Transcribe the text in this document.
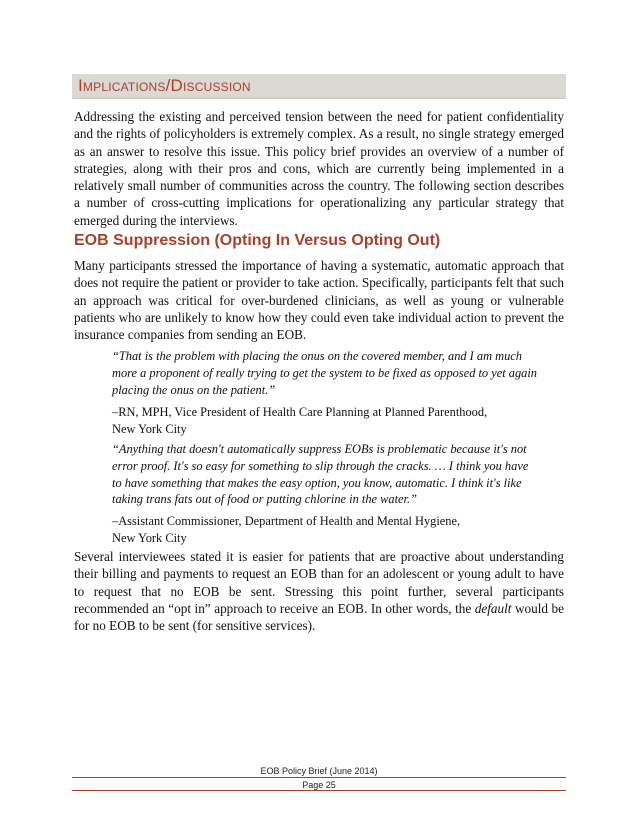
Implications/Discussion

Addressing the existing and perceived tension between the need for patient confidentiality and the rights of policyholders is extremely complex. As a result, no single strategy emerged as an answer to resolve this issue. This policy brief provides an overview of a number of strategies, along with their pros and cons, which are currently being implemented in a relatively small number of communities across the country. The following section describes a number of cross-cutting implications for operationalizing any particular strategy that emerged during the interviews.

EOB Suppression (Opting In Versus Opting Out)

Many participants stressed the importance of having a systematic, automatic approach that does not require the patient or provider to take action. Specifically, participants felt that such an approach was critical for over-burdened clinicians, as well as young or vulnerable patients who are unlikely to know how they could even take individual action to prevent the insurance companies from sending an EOB.

“That is the problem with placing the onus on the covered member, and I am much more a proponent of really trying to get the system to be fixed as opposed to yet again placing the onus on the patient.”

–RN, MPH, Vice President of Health Care Planning at Planned Parenthood,
New York City

“Anything that doesn't automatically suppress EOBs is problematic because it's not error proof. It's so easy for something to slip through the cracks. … I think you have to have something that makes the easy option, you know, automatic. I think it's like taking trans fats out of food or putting chlorine in the water.”

–Assistant Commissioner, Department of Health and Mental Hygiene,
New York City

Several interviewees stated it is easier for patients that are proactive about understanding their billing and payments to request an EOB than for an adolescent or young adult to have to request that no EOB be sent. Stressing this point further, several participants recommended an “opt in” approach to receive an EOB. In other words, the default would be for no EOB to be sent (for sensitive services).

EOB Policy Brief (June 2014)
Page 25
